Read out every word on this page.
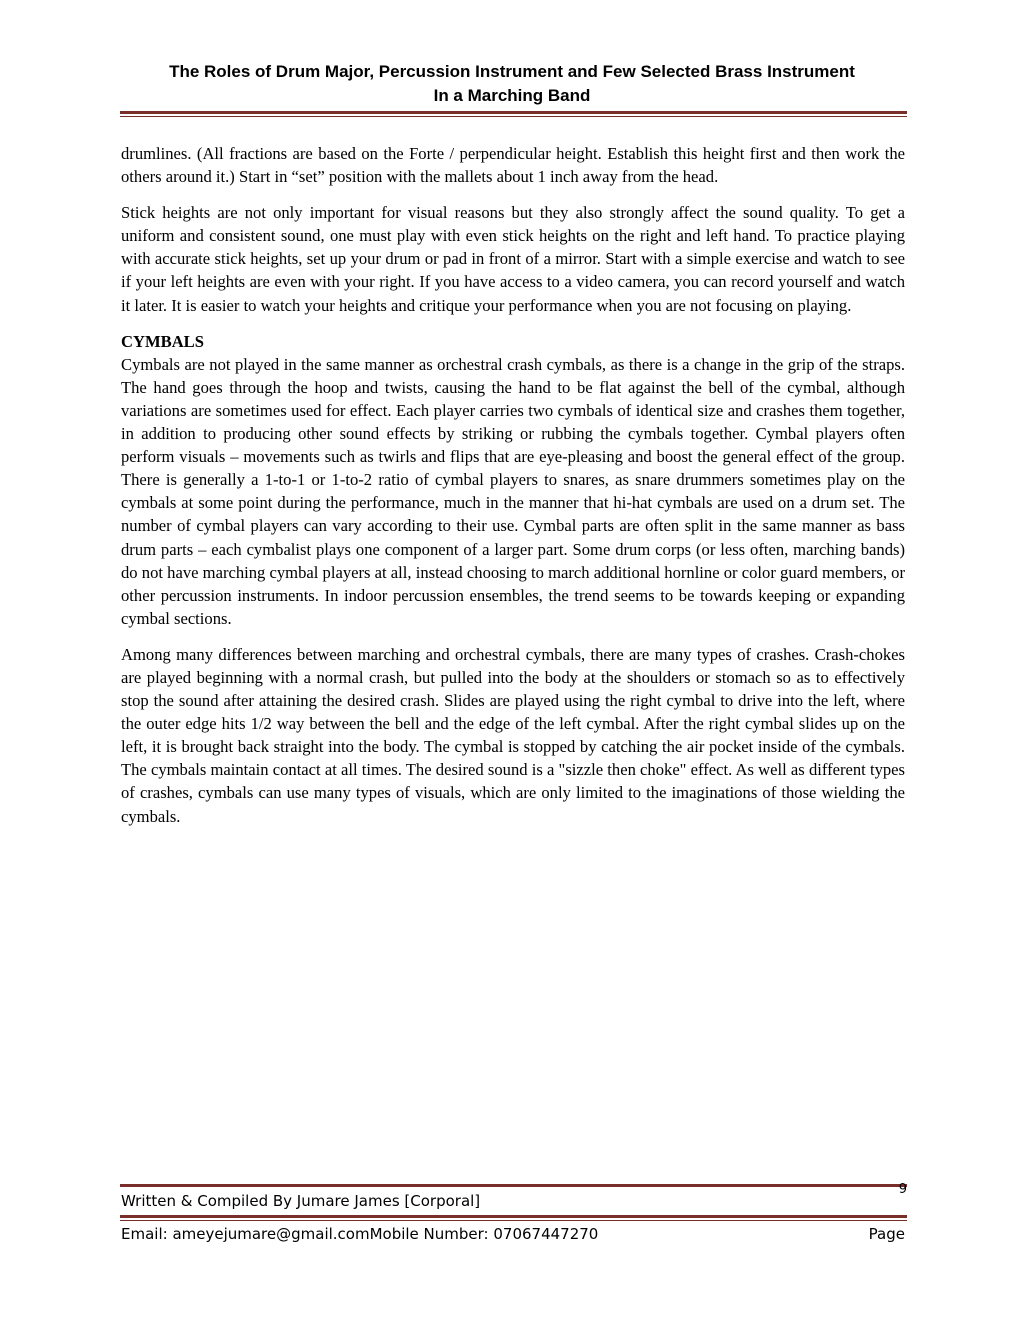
The Roles of Drum Major, Percussion Instrument and Few Selected Brass Instrument
In a Marching Band

drumlines. (All fractions are based on the Forte / perpendicular height. Establish this height first and then work the others around it.) Start in “set” position with the mallets about 1 inch away from the head.

Stick heights are not only important for visual reasons but they also strongly affect the sound quality. To get a uniform and consistent sound, one must play with even stick heights on the right and left hand. To practice playing with accurate stick heights, set up your drum or pad in front of a mirror. Start with a simple exercise and watch to see if your left heights are even with your right. If you have access to a video camera, you can record yourself and watch it later. It is easier to watch your heights and critique your performance when you are not focusing on playing.

CYMBALS

Cymbals are not played in the same manner as orchestral crash cymbals, as there is a change in the grip of the straps. The hand goes through the hoop and twists, causing the hand to be flat against the bell of the cymbal, although variations are sometimes used for effect. Each player carries two cymbals of identical size and crashes them together, in addition to producing other sound effects by striking or rubbing the cymbals together. Cymbal players often perform visuals – movements such as twirls and flips that are eye-pleasing and boost the general effect of the group. There is generally a 1-to-1 or 1-to-2 ratio of cymbal players to snares, as snare drummers sometimes play on the cymbals at some point during the performance, much in the manner that hi-hat cymbals are used on a drum set. The number of cymbal players can vary according to their use. Cymbal parts are often split in the same manner as bass drum parts – each cymbalist plays one component of a larger part. Some drum corps (or less often, marching bands) do not have marching cymbal players at all, instead choosing to march additional hornline or color guard members, or other percussion instruments. In indoor percussion ensembles, the trend seems to be towards keeping or expanding cymbal sections.

Among many differences between marching and orchestral cymbals, there are many types of crashes. Crash-chokes are played beginning with a normal crash, but pulled into the body at the shoulders or stomach so as to effectively stop the sound after attaining the desired crash. Slides are played using the right cymbal to drive into the left, where the outer edge hits 1/2 way between the bell and the edge of the left cymbal. After the right cymbal slides up on the left, it is brought back straight into the body. The cymbal is stopped by catching the air pocket inside of the cymbals. The cymbals maintain contact at all times. The desired sound is a "sizzle then choke" effect. As well as different types of crashes, cymbals can use many types of visuals, which are only limited to the imaginations of those wielding the cymbals.

9
Written & Compiled By Jumare James [Corporal]
Email: ameyejumare@gmail.comMobile Number: 07067447270	Page
